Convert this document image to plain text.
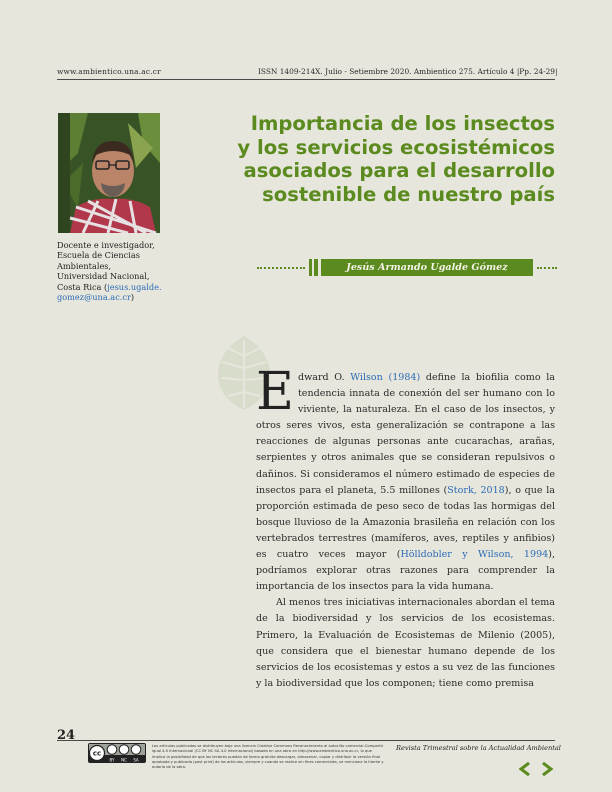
www.ambientico.una.ac.cr	ISSN 1409-214X. Julio - Setiembre 2020. Ambientico 275. Artículo 4 |Pp. 24-29|
Docente e investigador,
Escuela de Ciencias
Ambientales,
Universidad Nacional,
Costa Rica (jesus.ugalde.
gomez@una.ac.cr)
Importancia de los insectos
y los servicios ecosistémicos
asociados para el desarrollo
sostenible de nuestro país
Jesús Armando Ugalde Gómez

Edward O. Wilson (1984) define la biofilia como la tendencia innata de conexión del ser humano con lo viviente, la naturaleza. En el caso de los insectos, y otros seres vivos, esta generalización se contrapone a las reacciones de algunas personas ante cucarachas, arañas, serpientes y otros animales que se consideran repulsivos o dañinos. Si consideramos el número estimado de especies de insectos para el planeta, 5.5 millones (Stork, 2018), o que la proporción estimada de peso seco de todas las hormigas del bosque lluvioso de la Amazonia brasileña en relación con los vertebrados terrestres (mamíferos, aves, reptiles y anfibios) es cuatro veces mayor (Hölldobler y Wilson, 1994), podríamos explorar otras razones para comprender la importancia de los insectos para la vida humana.

Al menos tres iniciativas internacionales abordan el tema de la biodiversidad y los servicios de los ecosistemas. Primero, la Evaluación de Ecosistemas de Milenio (2005), que considera que el bienestar humano depende de los servicios de los ecosistemas y estos a su vez de las funciones y la biodiversidad que los componen; tiene como premisa

24
cc
BY NC SA
Los artículos publicados se distribuyen bajo una licencia Creative Commons Reconocimiento al autor-No comercial-Compartir igual 4.0 Internacional (CC BY NC SA 4.0 Internacional) basada en una obra en http://www.ambientico.una.ac.cr, lo que implica la posibilidad de que los lectores puedan de forma gratuita descargar, almacenar, copiar y distribuir la versión final aprobada y publicada (post print) de los artículos, siempre y cuando se realice sin fines comerciales, se mencione la fuente y autoría de la obra.
Revista Trimestral sobre la Actualidad Ambiental
